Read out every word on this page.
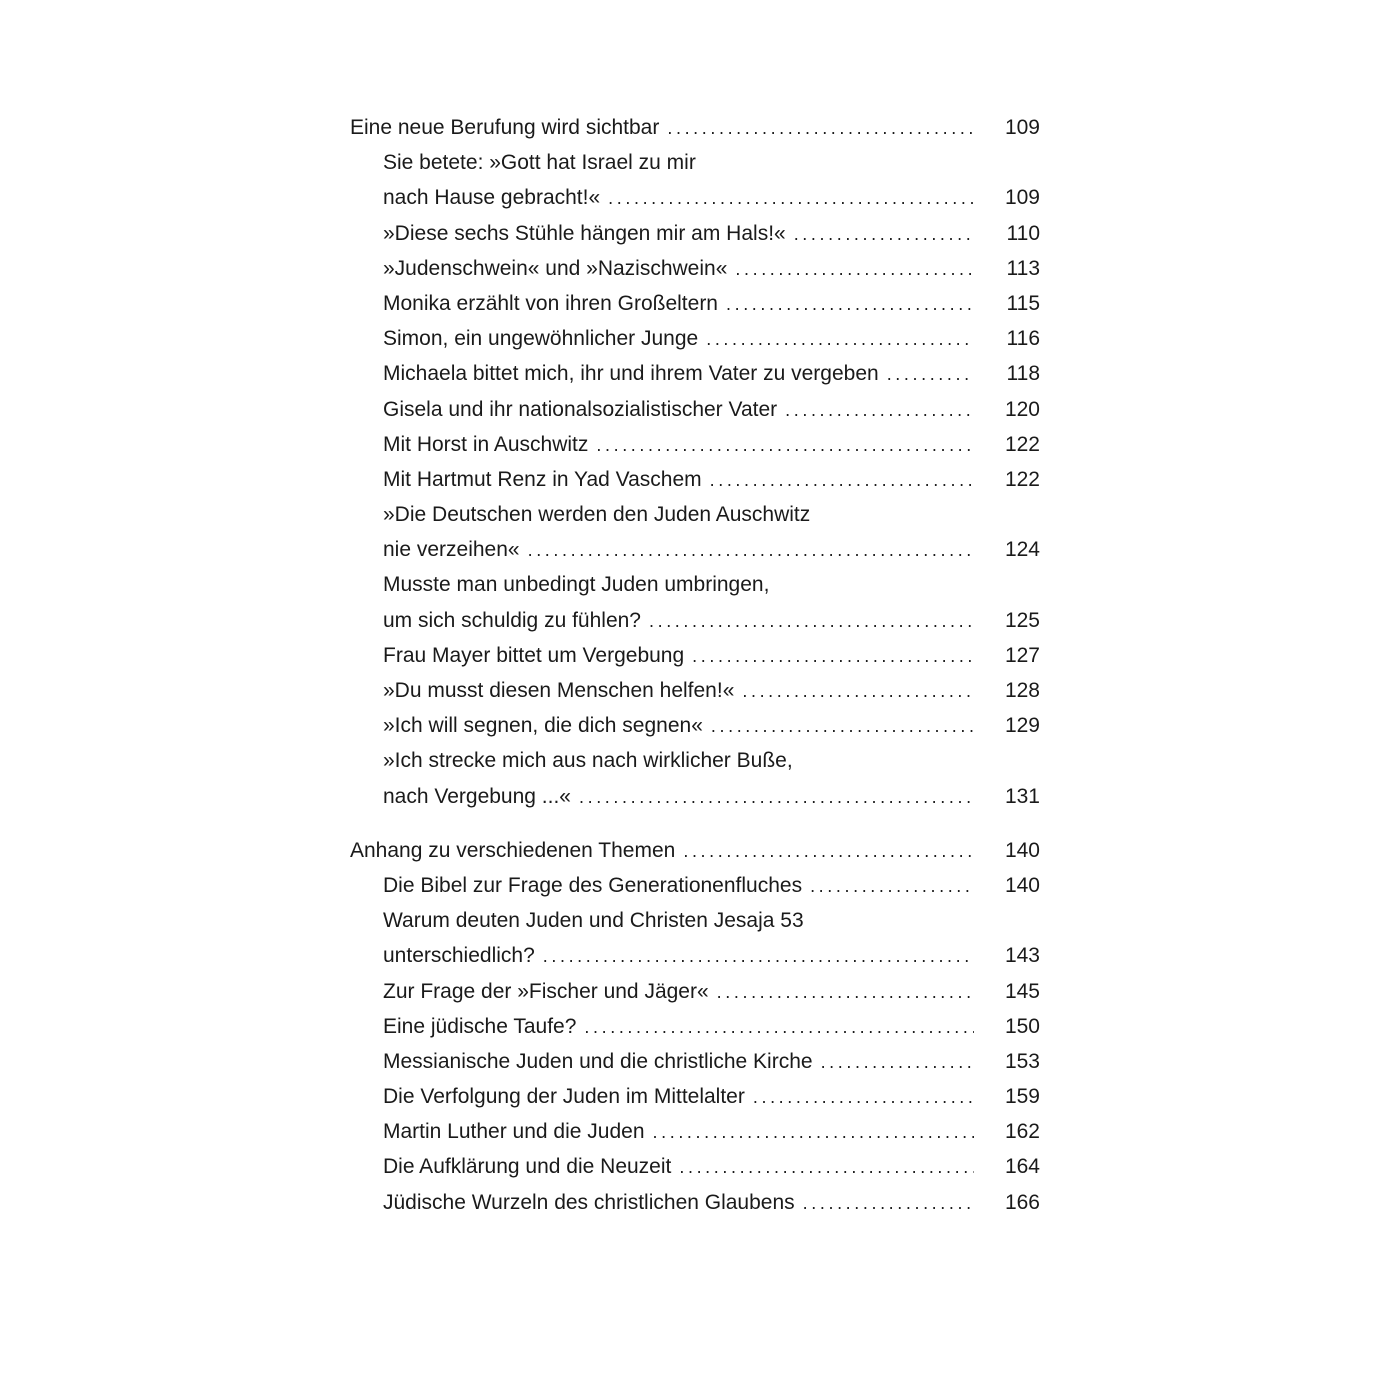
Eine neue Berufung wird sichtbar . . .	109
Sie betete: »Gott hat Israel zu mir
nach Hause gebracht!« . . .	109
»Diese sechs Stühle hängen mir am Hals!« . . .	110
»Judenschwein« und »Nazischwein« . . .	113
Monika erzählt von ihren Großeltern . . .	115
Simon, ein ungewöhnlicher Junge . . .	116
Michaela bittet mich, ihr und ihrem Vater zu vergeben . . .	118
Gisela und ihr nationalsozialistischer Vater . . .	120
Mit Horst in Auschwitz . . .	122
Mit Hartmut Renz in Yad Vaschem . . .	122
»Die Deutschen werden den Juden Auschwitz
nie verzeihen« . . .	124
Musste man unbedingt Juden umbringen,
um sich schuldig zu fühlen? . . .	125
Frau Mayer bittet um Vergebung . . .	127
»Du musst diesen Menschen helfen!« . . .	128
»Ich will segnen, die dich segnen« . . .	129
»Ich strecke mich aus nach wirklicher Buße,
nach Vergebung ...« . . .	131
Anhang zu verschiedenen Themen . . .	140
Die Bibel zur Frage des Generationenfluches . . .	140
Warum deuten Juden und Christen Jesaja 53
unterschiedlich? . . .	143
Zur Frage der »Fischer und Jäger« . . .	145
Eine jüdische Taufe? . . .	150
Messianische Juden und die christliche Kirche . . .	153
Die Verfolgung der Juden im Mittelalter . . .	159
Martin Luther und die Juden . . .	162
Die Aufklärung und die Neuzeit . . .	164
Jüdische Wurzeln des christlichen Glaubens . . .	166
